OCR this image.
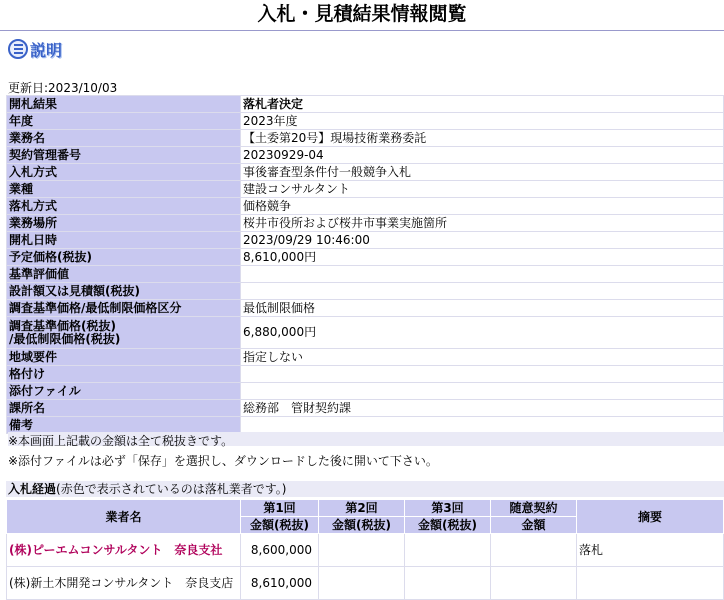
入札・見積結果情報閲覧
説明
更新日:2023/10/03
開札結果	落札者決定
年度	2023年度
業務名	【土委第20号】現場技術業務委託
契約管理番号	20230929-04
入札方式	事後審査型条件付一般競争入札
業種	建設コンサルタント
落札方式	価格競争
業務場所	桜井市役所および桜井市事業実施箇所
開札日時	2023/09/29 10:46:00
予定価格(税抜)	8,610,000円
基準評価値	
設計額又は見積額(税抜)	
調査基準価格/最低制限価格区分	最低制限価格
調査基準価格(税抜)
/最低制限価格(税抜)	6,880,000円
地域要件	指定しない
格付け	
添付ファイル	
課所名	総務部　管財契約課
備考	
※本画面上記載の金額は全て税抜きです。
※添付ファイルは必ず「保存」を選択し、ダウンロードした後に開いて下さい。
入札経過(赤色で表示されているのは落札業者です。)
業者名	第1回	第2回	第3回	随意契約	摘要
	金額(税抜)	金額(税抜)	金額(税抜)	金額	
(株)ピーエムコンサルタント　奈良支社	8,600,000				落札
(株)新土木開発コンサルタント　奈良支店	8,610,000				
